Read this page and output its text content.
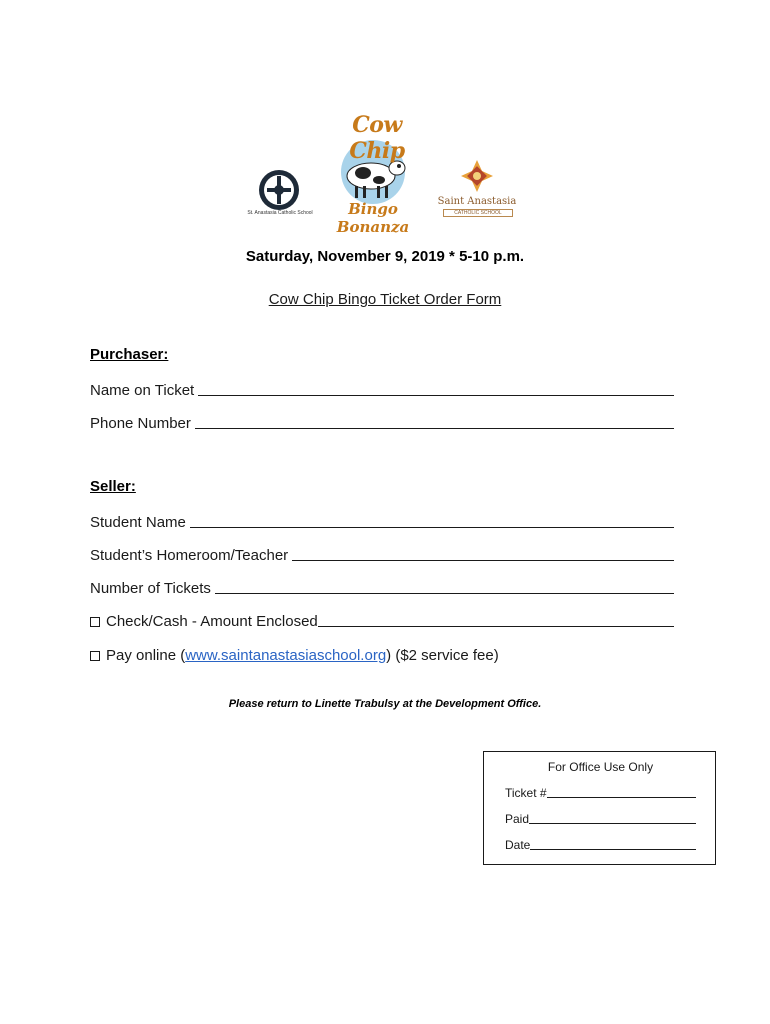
St. Anastasia Catholic School
Cow Chip
Bingo Bonanza
Saint Anastasia
CATHOLIC SCHOOL
Saturday, November 9, 2019 * 5-10 p.m.
Cow Chip Bingo Ticket Order Form
Purchaser:
Name on Ticket
Phone Number
Seller:
Student Name
Student’s Homeroom/Teacher
Number of Tickets
Check/Cash - Amount Enclosed
Pay online ( www.saintanastasiaschool.org ) ($2 service fee)
Please return to Linette Trabulsy at the Development Office.
For Office Use Only
Ticket #
Paid
Date
